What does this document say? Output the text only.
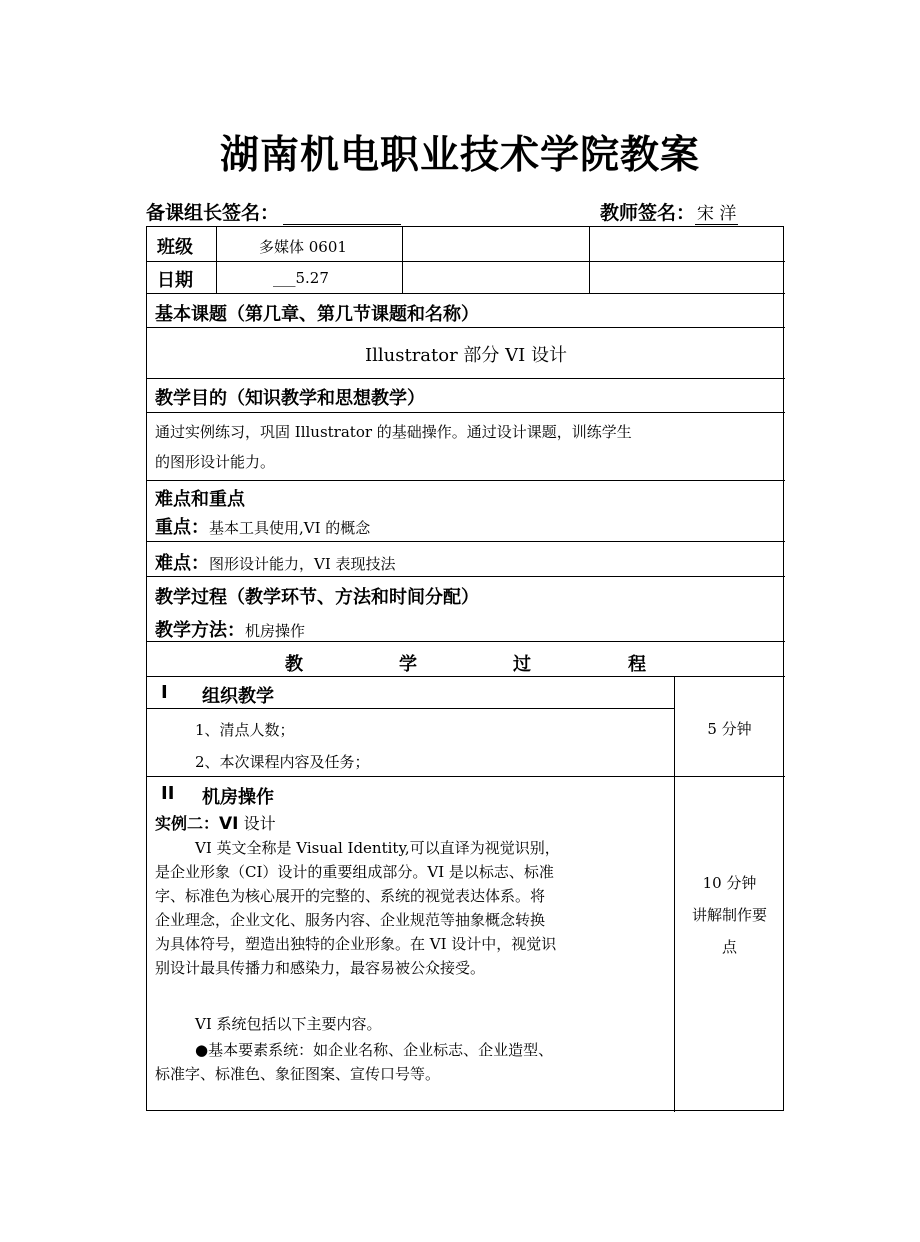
湖南机电职业技术学院教案
备课组长签名：	教师签名： 宋 洋
班级	多媒体 0601
日期	___5.27
基本课题（第几章、第几节课题和名称）
Illustrator 部分 VI 设计
教学目的（知识教学和思想教学）
通过实例练习，巩固 Illustrator 的基础操作。通过设计课题，训练学生
的图形设计能力。
难点和重点
重点：基本工具使用,VI 的概念
难点：图形设计能力，VI 表现技法
教学过程（教学环节、方法和时间分配）
教学方法：机房操作
教	学	过	程
I 组织教学
1、清点人数；
2、本次课程内容及任务；
5 分钟
II 机房操作
实例二：VI 设计
VI 英文全称是 Visual Identity,可以直译为视觉识别，
是企业形象（CI）设计的重要组成部分。VI 是以标志、标准
字、标准色为核心展开的完整的、系统的视觉表达体系。将
企业理念，企业文化、服务内容、企业规范等抽象概念转换
为具体符号，塑造出独特的企业形象。在 VI 设计中，视觉识
别设计最具传播力和感染力，最容易被公众接受。
VI 系统包括以下主要内容。
●基本要素系统：如企业名称、企业标志、企业造型、
标准字、标准色、象征图案、宣传口号等。
10 分钟
讲解制作要
点
